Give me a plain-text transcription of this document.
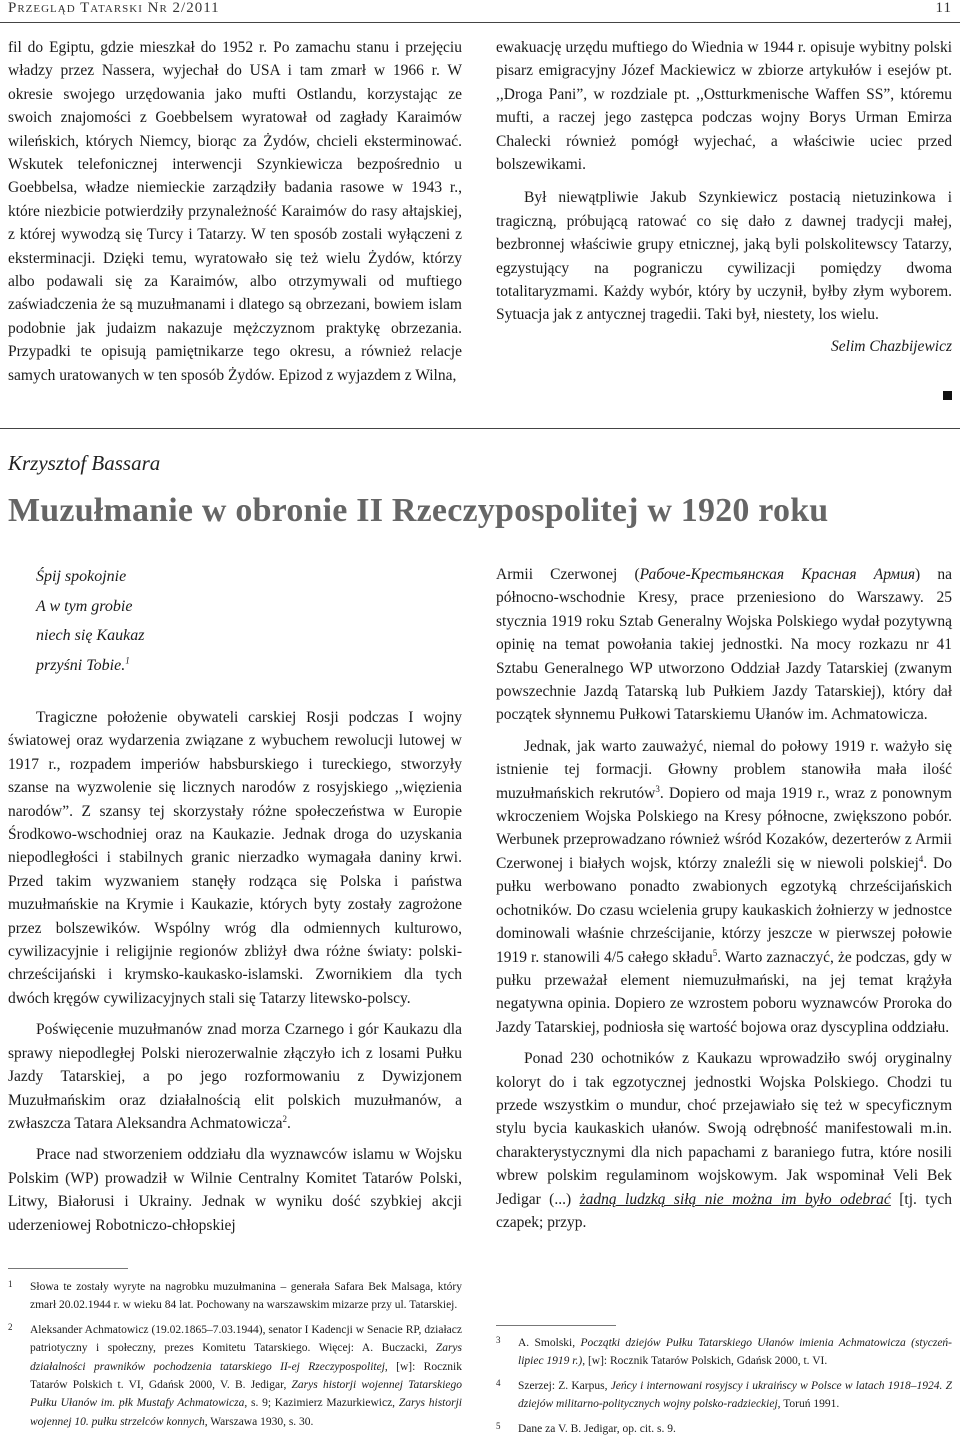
Przegląd Tatarski Nr 2/2011	11

fil do Egiptu, gdzie mieszkał do 1952 r. Po zamachu stanu i przejęciu władzy przez Nassera, wyjechał do USA i tam zmarł w 1966 r. W okresie swojego urzędowania jako mufti Ostlandu, korzystając ze swoich znajomości z Goebbelsem wyratował od zagłady Karaimów wileńskich, których Niemcy, biorąc za Żydów, chcieli eksterminować. Wskutek telefonicznej interwencji Szynkiewicza bezpośrednio u Goebbelsa, władze niemieckie zarządziły badania rasowe w 1943 r., które niezbicie potwierdziły przynależność Karaimów do rasy ałtajskiej, z której wywodzą się Turcy i Tatarzy. W ten sposób zostali wyłączeni z eksterminacji. Dzięki temu, wyratowało się też wielu Żydów, którzy albo podawali się za Karaimów, albo otrzymywali od muftiego zaświadczenia że są muzułmanami i dlatego są obrzezani, bowiem islam podobnie jak judaizm nakazuje mężczyznom praktykę obrzezania. Przypadki te opisują pamiętnikarze tego okresu, a również relacje samych uratowanych w ten sposób Żydów. Epizod z wyjazdem z Wilna,

ewakuację urzędu muftiego do Wiednia w 1944 r. opisuje wybitny polski pisarz emigracyjny Józef Mackiewicz w zbiorze artykułów i esejów pt. ,,Droga Pani”, w rozdziale pt. ,,Ostturkmenische Waffen SS”, któremu mufti, a raczej jego zastępca podczas wojny Borys Urman Emirza Chalecki również pomógł wyjechać, a właściwie uciec przed bolszewikami.

Był niewątpliwie Jakub Szynkiewicz postacią nietuzinkowa i tragiczną, próbującą ratować co się dało z dawnej tradycji małej, bezbronnej właściwie grupy etnicznej, jaką byli polskolitewscy Tatarzy, egzystujący na pograniczu cywilizacji pomiędzy dwoma totalitaryzmami. Każdy wybór, który by uczynił, byłby złym wyborem. Sytuacja jak z antycznej tragedii. Taki był, niestety, los wielu.

Selim Chazbijewicz
Krzysztof Bassara
Muzułmanie w obronie II Rzeczypospolitej w 1920 roku
Śpij spokojnie
A w tym grobie
niech się Kaukaz
przyśni Tobie.$^1$

Tragiczne położenie obywateli carskiej Rosji podczas I wojny światowej oraz wydarzenia związane z wybuchem rewolucji lutowej w 1917 r., rozpadem imperiów habsburskiego i tureckiego, stworzyły szanse na wyzwolenie się licznych narodów z rosyjskiego ,,więzienia narodów”. Z szansy tej skorzystały różne społeczeństwa w Europie Środkowo-wschodniej oraz na Kaukazie. Jednak droga do uzyskania niepodległości i stabilnych granic nierzadko wymagała daniny krwi. Przed takim wyzwaniem stanęły rodząca się Polska i państwa muzułmańskie na Krymie i Kaukazie, których byty zostały zagrożone przez bolszewików. Wspólny wróg dla odmiennych kulturowo, cywilizacyjnie i religijnie regionów zbliżył dwa różne światy: polski-chrześcijański i krymsko-kaukasko-islamski. Zwornikiem dla tych dwóch kręgów cywilizacyjnych stali się Tatarzy litewsko-polscy.

Poświęcenie muzułmanów znad morza Czarnego i gór Kaukazu dla sprawy niepodległej Polski nierozerwalnie złączyło ich z losami Pułku Jazdy Tatarskiej, a po jego rozformowaniu z Dywizjonem Muzułmańskim oraz działalnością elit polskich muzułmanów, a zwłaszcza Tatara Aleksandra Achmatowicza$^2$.

Prace nad stworzeniem oddziału dla wyznawców islamu w Wojsku Polskim (WP) prowadził w Wilnie Centralny Komitet Tatarów Polski, Litwy, Białorusi i Ukrainy. Jednak w wyniku dość szybkiej akcji uderzeniowej Robotniczo-chłopskiej

Armii Czerwonej (Рабоче-Крестьянская Красная Армия) na północno-wschodnie Kresy, prace przeniesiono do Warszawy. 25 stycznia 1919 roku Sztab Generalny Wojska Polskiego wydał pozytywną opinię na temat powołania takiej jednostki. Na mocy rozkazu nr 41 Sztabu Generalnego WP utworzono Oddział Jazdy Tatarskiej (zwanym powszechnie Jazdą Tatarską lub Pułkiem Jazdy Tatarskiej), który dał początek słynnemu Pułkowi Tatarskiemu Ułanów im. Achmatowicza.

Jednak, jak warto zauważyć, niemal do połowy 1919 r. ważyło się istnienie tej formacji. Głowny problem stanowiła mała ilość muzułmańskich rekrutów$^3$. Dopiero od maja 1919 r., wraz z ponownym wkroczeniem Wojska Polskiego na Kresy północne, zwiększono pobór. Werbunek przeprowadzano również wśród Kozaków, dezerterów z Armii Czerwonej i białych wojsk, którzy znaleźli się w niewoli polskiej$^4$. Do pułku werbowano ponadto zwabionych egzotyką chrześcijańskich ochotników. Do czasu wcielenia grupy kaukaskich żołnierzy w jednostce dominowali właśnie chrześcijanie, którzy jeszcze w pierwszej połowie 1919 r. stanowili 4/5 całego składu$^5$. Warto zaznaczyć, że podczas, gdy w pułku przeważał element niemuzułmański, na jej temat krążyła negatywna opinia. Dopiero ze wzrostem poboru wyznawców Proroka do Jazdy Tatarskiej, podniosła się wartość bojowa oraz dyscyplina oddziału.

Ponad 230 ochotników z Kaukazu wprowadziło swój oryginalny koloryt do i tak egzotycznej jednostki Wojska Polskiego. Chodzi tu przede wszystkim o mundur, choć przejawiało się też w specyficznym stylu bycia kaukaskich ułanów. Swoją odrębność manifestowali m.in. charakterystycznymi dla nich papachami z baraniego futra, które nosili wbrew polskim regulaminom wojskowym. Jak wspominał Veli Bek Jedigar (...) żadną ludzką siłą nie można im było odebrać [tj. tych czapek; przyp.

1 Słowa te zostały wyryte na nagrobku muzułmanina – generała Safara Bek Malsaga, który zmarł 20.02.1944 r. w wieku 84 lat. Pochowany na warszawskim mizarze przy ul. Tatarskiej.
2 Aleksander Achmatowicz (19.02.1865–7.03.1944), senator I Kadencji w Senacie RP, działacz patriotyczny i społeczny, prezes Komitetu Tatarskiego. Więcej: A. Buczacki, Zarys działalności prawników pochodzenia tatarskiego II-ej Rzeczypospolitej, [w]: Rocznik Tatarów Polskich t. VI, Gdańsk 2000, V. B. Jedigar, Zarys historji wojennej Tatarskiego Pułku Ułanów im. płk Mustafy Achmatowicza, s. 9; Kazimierz Mazurkiewicz, Zarys historji wojennej 10. pułku strzelców konnych, Warszawa 1930, s. 30.
3 A. Smolski, Początki dziejów Pułku Tatarskiego Ułanów imienia Achmatowicza (styczeń-lipiec 1919 r.), [w]: Rocznik Tatarów Polskich, Gdańsk 2000, t. VI.
4 Szerzej: Z. Karpus, Jeńcy i internowani rosyjscy i ukraińscy w Polsce w latach 1918–1924. Z dziejów militarno-politycznych wojny polsko-radzieckiej, Toruń 1991.
5 Dane za V. B. Jedigar, op. cit. s. 9.
